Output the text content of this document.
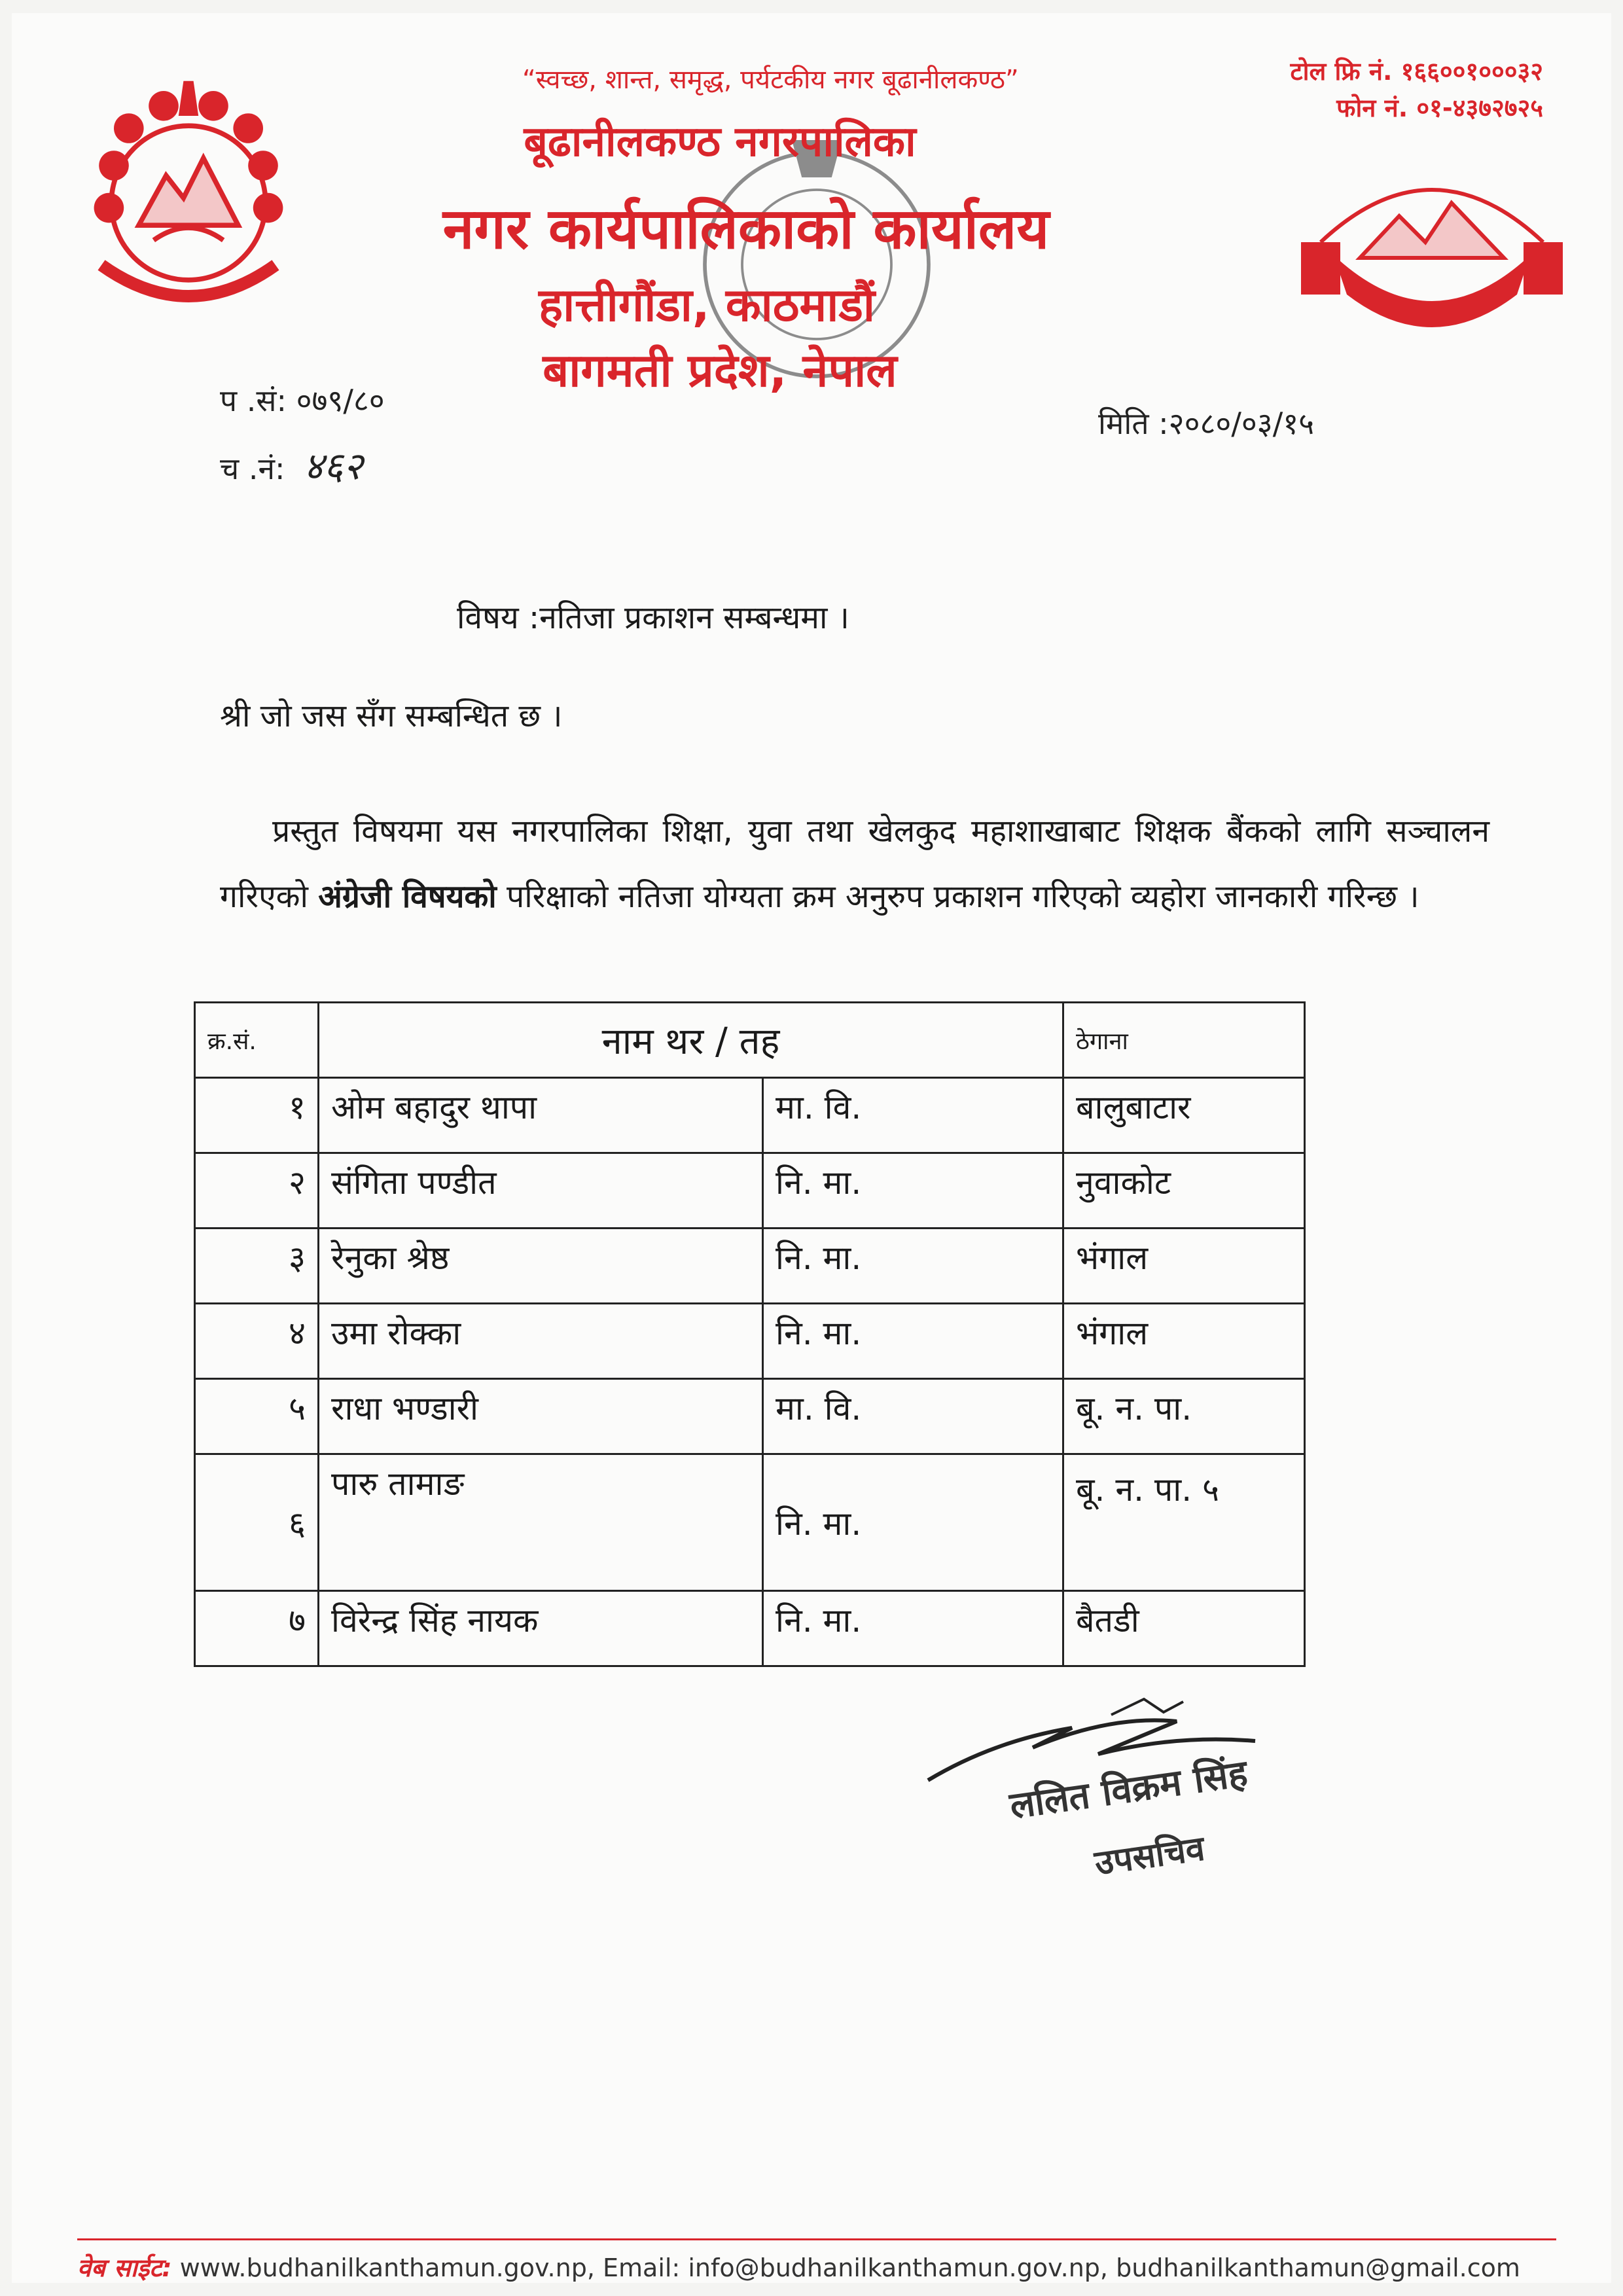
“स्वच्छ, शान्त, समृद्ध, पर्यटकीय नगर बूढानीलकण्ठ”	टोल फ्रि नं. १६६००१०००३२
फोन नं. ०१-४३७२७२५
बूढानीलकण्ठ नगरपालिका
नगर कार्यपालिकाको कार्यालय
हात्तीगौंडा, काठमाडौं
बागमती प्रदेश, नेपाल
प .सं: ०७९/८०
च .नं: ४६२
मिति :२०८०/०३/१५
विषय :नतिजा प्रकाशन सम्बन्धमा ।
श्री जो जस सँग सम्बन्धित छ ।
प्रस्तुत विषयमा यस नगरपालिका शिक्षा, युवा तथा खेलकुद महाशाखाबाट शिक्षक बैंकको लागि सञ्चालन गरिएको अंग्रेजी विषयको परिक्षाको नतिजा योग्यता क्रम अनुरुप प्रकाशन गरिएको व्यहोरा जानकारी गरिन्छ ।
क्र.सं.	नाम थर / तह		ठेगाना
१	ओम बहादुर थापा	मा. वि.	बालुबाटार
२	संगिता पण्डीत	नि. मा.	नुवाकोट
३	रेनुका श्रेष्ठ	नि. मा.	भंगाल
४	उमा रोक्का	नि. मा.	भंगाल
५	राधा भण्डारी	मा. वि.	बू. न. पा.
६	पारु तामाङ	नि. मा.	बू. न. पा. ५
७	विरेन्द्र सिंह नायक	नि. मा.	बैतडी
ललित विक्रम सिंह
उपसचिव
वेब साईट: www.budhanilkanthamun.gov.np, Email: info@budhanilkanthamun.gov.np, budhanilkanthamun@gmail.com
